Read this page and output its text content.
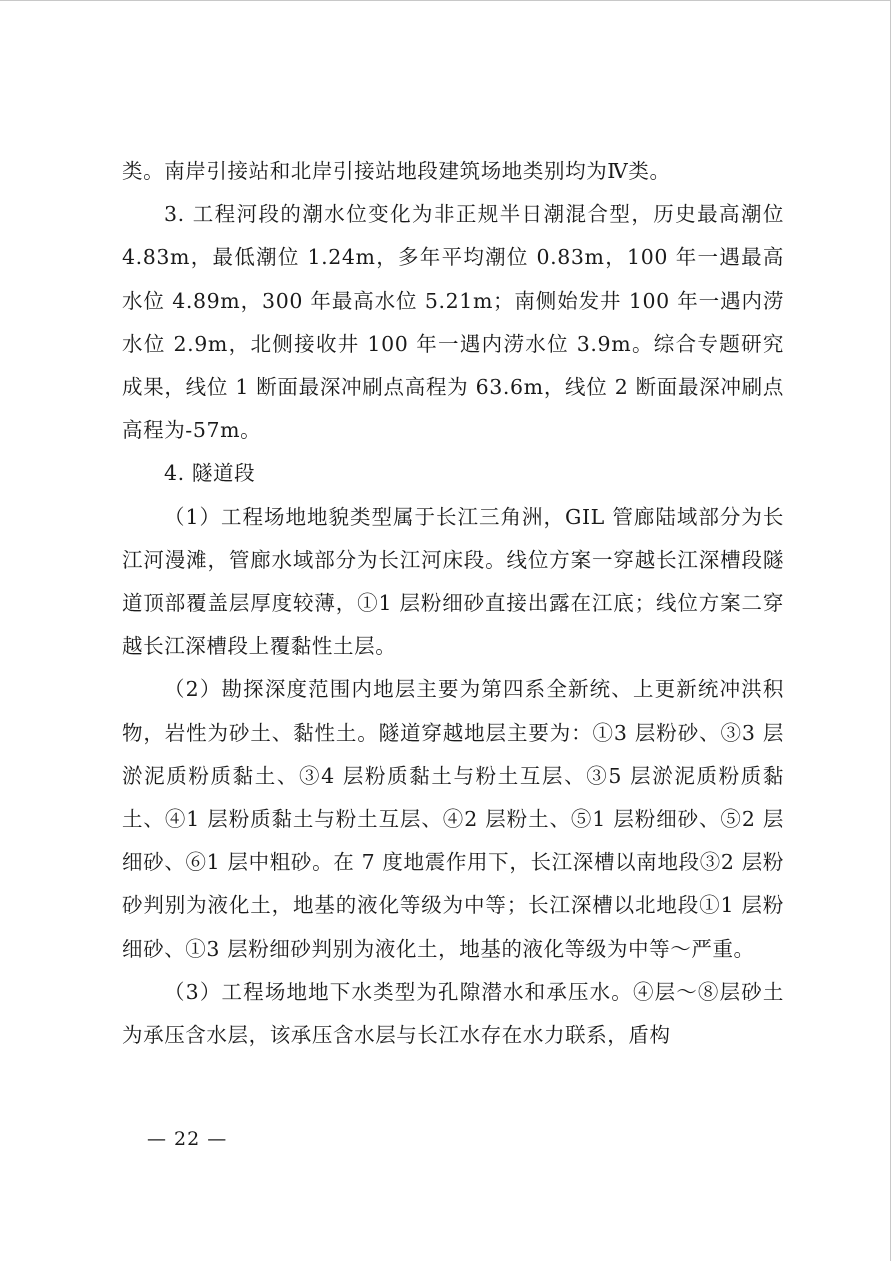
类。南岸引接站和北岸引接站地段建筑场地类别均为Ⅳ类。

3. 工程河段的潮水位变化为非正规半日潮混合型，历史最高潮位 4.83m，最低潮位 1.24m，多年平均潮位 0.83m，100 年一遇最高水位 4.89m，300 年最高水位 5.21m；南侧始发井 100 年一遇内涝水位 2.9m，北侧接收井 100 年一遇内涝水位 3.9m。综合专题研究成果，线位 1 断面最深冲刷点高程为 63.6m，线位 2 断面最深冲刷点高程为-57m。

4. 隧道段

（1）工程场地地貌类型属于长江三角洲，GIL 管廊陆域部分为长江河漫滩，管廊水域部分为长江河床段。线位方案一穿越长江深槽段隧道顶部覆盖层厚度较薄，①1 层粉细砂直接出露在江底；线位方案二穿越长江深槽段上覆黏性土层。

（2）勘探深度范围内地层主要为第四系全新统、上更新统冲洪积物，岩性为砂土、黏性土。隧道穿越地层主要为：①3 层粉砂、③3 层淤泥质粉质黏土、③4 层粉质黏土与粉土互层、③5 层淤泥质粉质黏土、④1 层粉质黏土与粉土互层、④2 层粉土、⑤1 层粉细砂、⑤2 层细砂、⑥1 层中粗砂。在 7 度地震作用下，长江深槽以南地段③2 层粉砂判别为液化土，地基的液化等级为中等；长江深槽以北地段①1 层粉细砂、①3 层粉细砂判别为液化土，地基的液化等级为中等～严重。

（3）工程场地地下水类型为孔隙潜水和承压水。④层～⑧层砂土为承压含水层，该承压含水层与长江水存在水力联系，盾构

— 22 —
